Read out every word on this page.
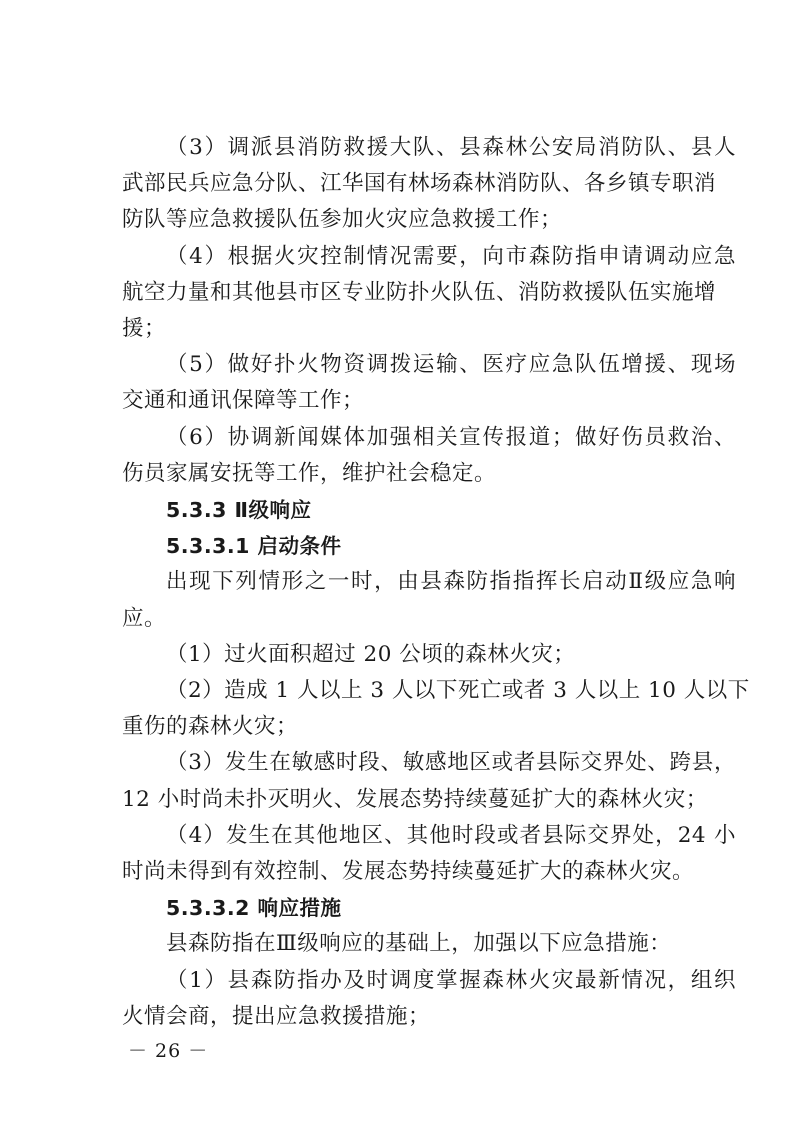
（3）调派县消防救援大队、县森林公安局消防队、县人
武部民兵应急分队、江华国有林场森林消防队、各乡镇专职消
防队等应急救援队伍参加火灾应急救援工作；
（4）根据火灾控制情况需要，向市森防指申请调动应急
航空力量和其他县市区专业防扑火队伍、消防救援队伍实施增
援；
（5）做好扑火物资调拨运输、医疗应急队伍增援、现场
交通和通讯保障等工作；
（6）协调新闻媒体加强相关宣传报道；做好伤员救治、
伤员家属安抚等工作，维护社会稳定。
5.3.3 Ⅱ级响应
5.3.3.1 启动条件
出现下列情形之一时，由县森防指指挥长启动Ⅱ级应急响
应。
（1）过火面积超过 20 公顷的森林火灾；
（2）造成 1 人以上 3 人以下死亡或者 3 人以上 10 人以下
重伤的森林火灾；
（3）发生在敏感时段、敏感地区或者县际交界处、跨县，
12 小时尚未扑灭明火、发展态势持续蔓延扩大的森林火灾；
（4）发生在其他地区、其他时段或者县际交界处，24 小
时尚未得到有效控制、发展态势持续蔓延扩大的森林火灾。
5.3.3.2 响应措施
县森防指在Ⅲ级响应的基础上，加强以下应急措施：
（1）县森防指办及时调度掌握森林火灾最新情况，组织
火情会商，提出应急救援措施；
－ 26 －
